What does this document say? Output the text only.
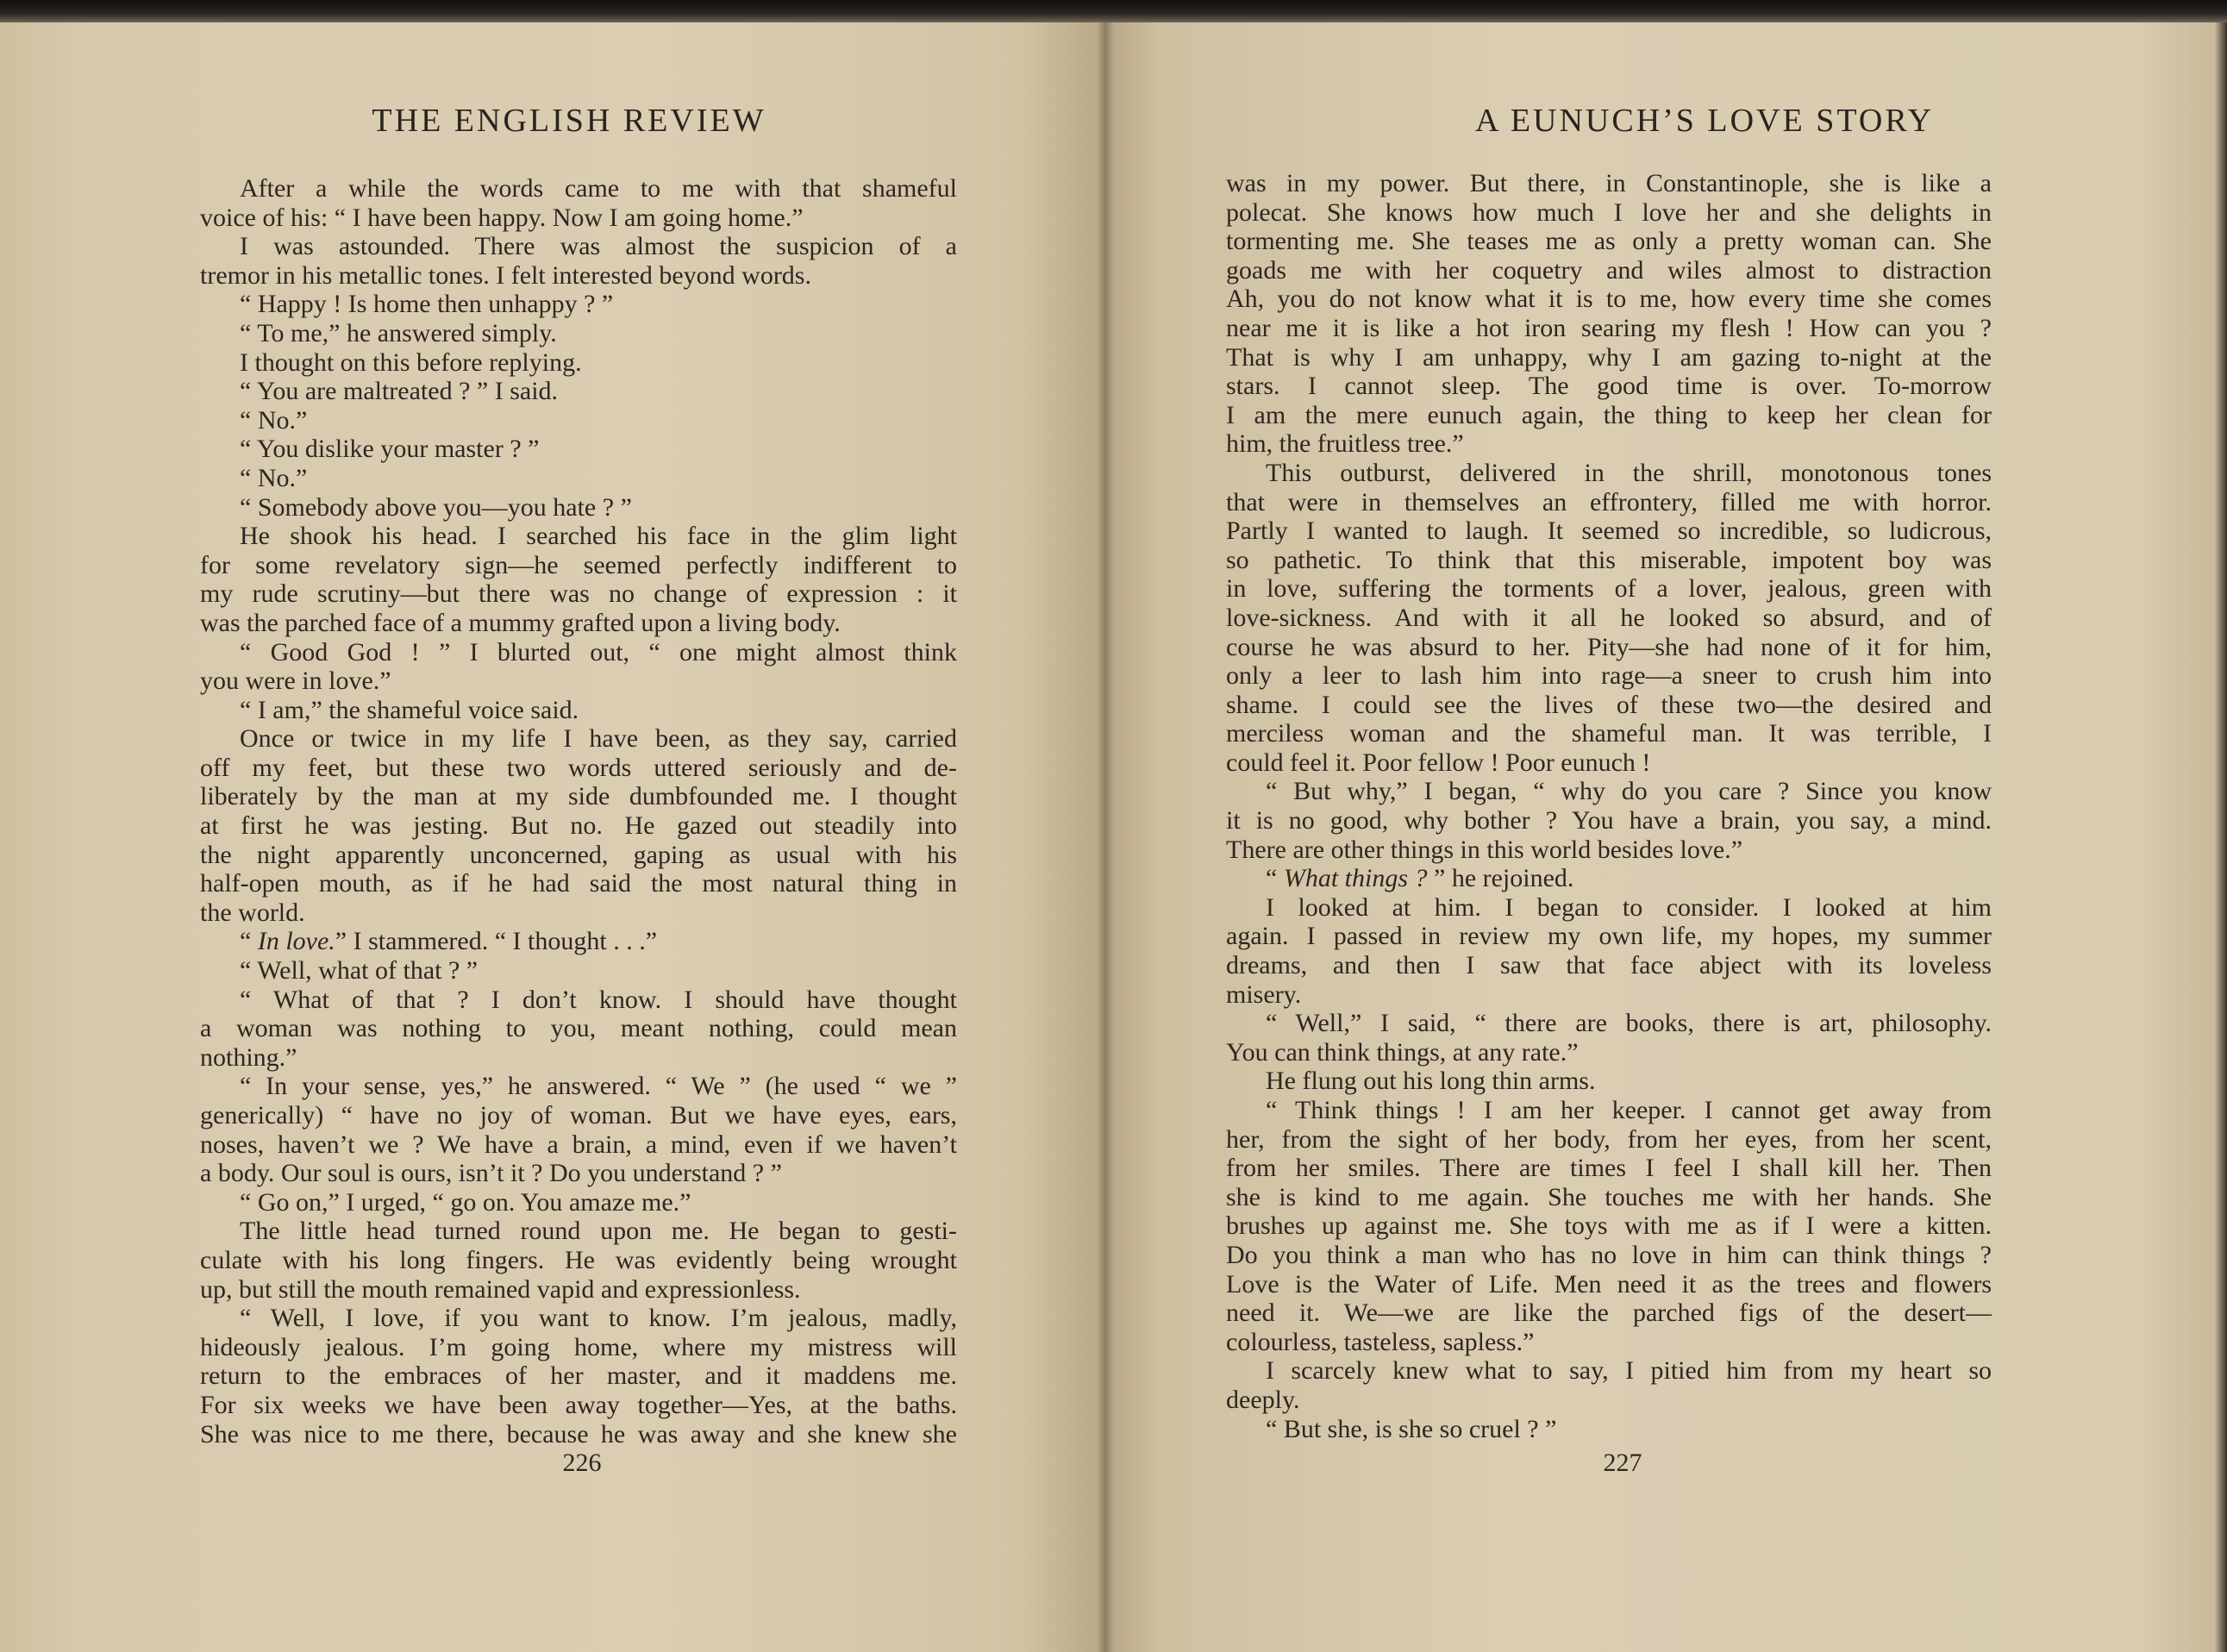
THE ENGLISH REVIEW
After a while the words came to me with that shameful
voice of his: “ I have been happy. Now I am going home.”
I was astounded. There was almost the suspicion of a
tremor in his metallic tones. I felt interested beyond words.
“ Happy ! Is home then unhappy ? ”
“ To me,” he answered simply.
I thought on this before replying.
“ You are maltreated ? ” I said.
“ No.”
“ You dislike your master ? ”
“ No.”
“ Somebody above you—you hate ? ”
He shook his head. I searched his face in the glim light
for some revelatory sign—he seemed perfectly indifferent to
my rude scrutiny—but there was no change of expression : it
was the parched face of a mummy grafted upon a living body.
“ Good God ! ” I blurted out, “ one might almost think
you were in love.”
“ I am,” the shameful voice said.
Once or twice in my life I have been, as they say, carried
off my feet, but these two words uttered seriously and de-
liberately by the man at my side dumbfounded me. I thought
at first he was jesting. But no. He gazed out steadily into
the night apparently unconcerned, gaping as usual with his
half-open mouth, as if he had said the most natural thing in
the world.
“ In love.” I stammered. “ I thought . . .”
“ Well, what of that ? ”
“ What of that ? I don’t know. I should have thought
a woman was nothing to you, meant nothing, could mean
nothing.”
“ In your sense, yes,” he answered. “ We ” (he used “ we ”
generically) “ have no joy of woman. But we have eyes, ears,
noses, haven’t we ? We have a brain, a mind, even if we haven’t
a body. Our soul is ours, isn’t it ? Do you understand ? ”
“ Go on,” I urged, “ go on. You amaze me.”
The little head turned round upon me. He began to gesti-
culate with his long fingers. He was evidently being wrought
up, but still the mouth remained vapid and expressionless.
“ Well, I love, if you want to know. I’m jealous, madly,
hideously jealous. I’m going home, where my mistress will
return to the embraces of her master, and it maddens me.
For six weeks we have been away together—Yes, at the baths.
She was nice to me there, because he was away and she knew she
226
A EUNUCH’S LOVE STORY
was in my power. But there, in Constantinople, she is like a
polecat. She knows how much I love her and she delights in
tormenting me. She teases me as only a pretty woman can. She
goads me with her coquetry and wiles almost to distraction
Ah, you do not know what it is to me, how every time she comes
near me it is like a hot iron searing my flesh ! How can you ?
That is why I am unhappy, why I am gazing to-night at the
stars. I cannot sleep. The good time is over. To-morrow
I am the mere eunuch again, the thing to keep her clean for
him, the fruitless tree.”
This outburst, delivered in the shrill, monotonous tones
that were in themselves an effrontery, filled me with horror.
Partly I wanted to laugh. It seemed so incredible, so ludicrous,
so pathetic. To think that this miserable, impotent boy was
in love, suffering the torments of a lover, jealous, green with
love-sickness. And with it all he looked so absurd, and of
course he was absurd to her. Pity—she had none of it for him,
only a leer to lash him into rage—a sneer to crush him into
shame. I could see the lives of these two—the desired and
merciless woman and the shameful man. It was terrible, I
could feel it. Poor fellow ! Poor eunuch !
“ But why,” I began, “ why do you care ? Since you know
it is no good, why bother ? You have a brain, you say, a mind.
There are other things in this world besides love.”
“ What things ? ” he rejoined.
I looked at him. I began to consider. I looked at him
again. I passed in review my own life, my hopes, my summer
dreams, and then I saw that face abject with its loveless
misery.
“ Well,” I said, “ there are books, there is art, philosophy.
You can think things, at any rate.”
He flung out his long thin arms.
“ Think things ! I am her keeper. I cannot get away from
her, from the sight of her body, from her eyes, from her scent,
from her smiles. There are times I feel I shall kill her. Then
she is kind to me again. She touches me with her hands. She
brushes up against me. She toys with me as if I were a kitten.
Do you think a man who has no love in him can think things ?
Love is the Water of Life. Men need it as the trees and flowers
need it. We—we are like the parched figs of the desert—
colourless, tasteless, sapless.”
I scarcely knew what to say, I pitied him from my heart so
deeply.
“ But she, is she so cruel ? ”
227
